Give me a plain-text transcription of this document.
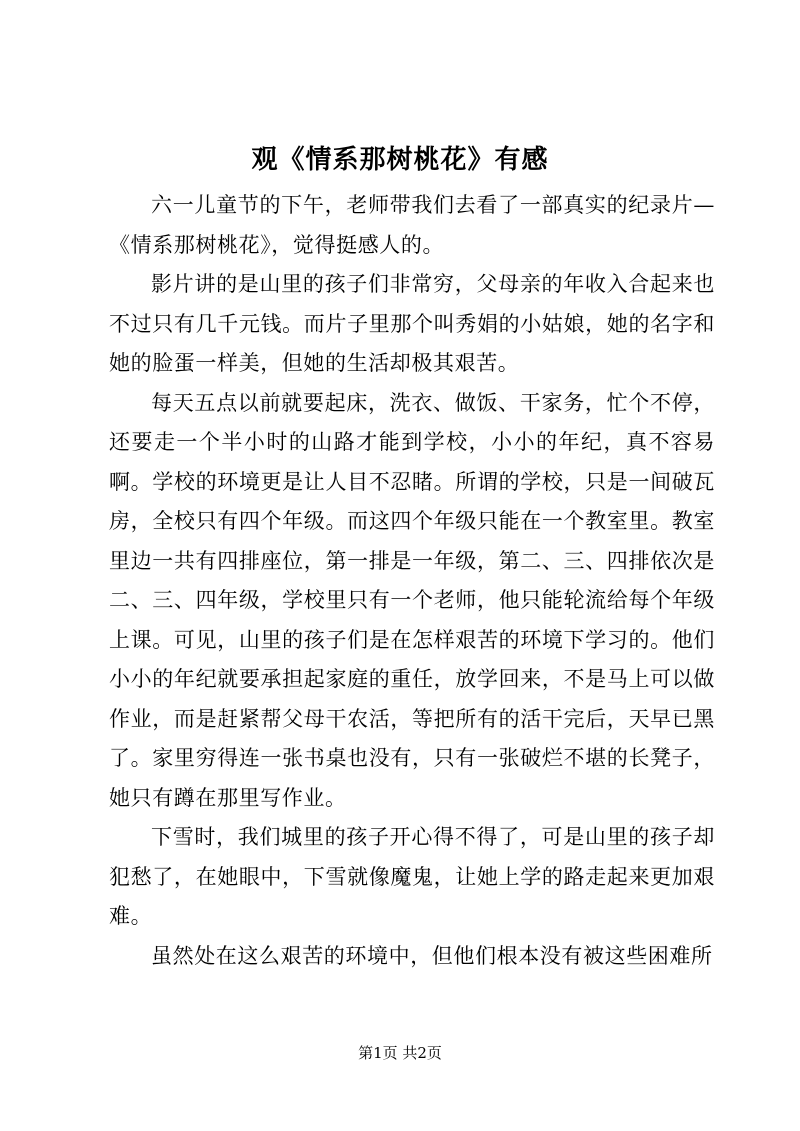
观《情系那树桃花》有感

六一儿童节的下午，老师带我们去看了一部真实的纪录片—《情系那树桃花》，觉得挺感人的。

影片讲的是山里的孩子们非常穷，父母亲的年收入合起来也不过只有几千元钱。而片子里那个叫秀娟的小姑娘，她的名字和她的脸蛋一样美，但她的生活却极其艰苦。

每天五点以前就要起床，洗衣、做饭、干家务，忙个不停，还要走一个半小时的山路才能到学校，小小的年纪，真不容易啊。学校的环境更是让人目不忍睹。所谓的学校，只是一间破瓦房，全校只有四个年级。而这四个年级只能在一个教室里。教室里边一共有四排座位，第一排是一年级，第二、三、四排依次是二、三、四年级，学校里只有一个老师，他只能轮流给每个年级上课。可见，山里的孩子们是在怎样艰苦的环境下学习的。他们小小的年纪就要承担起家庭的重任，放学回来，不是马上可以做作业，而是赶紧帮父母干农活，等把所有的活干完后，天早已黑了。家里穷得连一张书桌也没有，只有一张破烂不堪的长凳子，她只有蹲在那里写作业。

下雪时，我们城里的孩子开心得不得了，可是山里的孩子却犯愁了，在她眼中，下雪就像魔鬼，让她上学的路走起来更加艰难。

虽然处在这么艰苦的环境中，但他们根本没有被这些困难所

第1页 共2页
